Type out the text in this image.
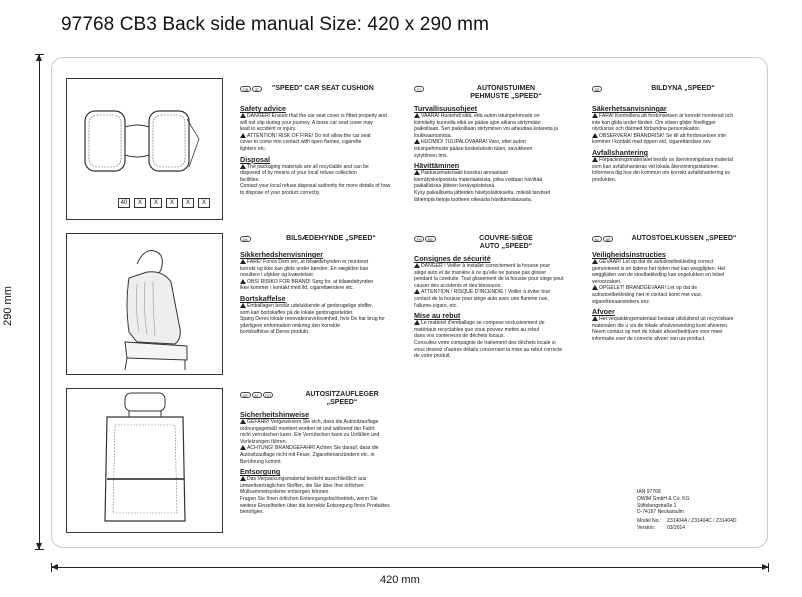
97768 CB3 Back side manual Size: 420 x 290 mm
290 mm
420 mm
GB	IE	"SPEED" CAR SEAT CUSHION
Safety advice

DANGER! Ensure that the car seat cover is fitted properly and

will not slip during your journey. A loose car seat cover may

lead to accident or injury.

ATTENTION! RISK OF FIRE! Do not allow the car seat

cover to come into contact with open flames, cigarette

lighters etc.

Disposal

The packaging materials are all recyclable and can be

disposed of by means of your local refuse collection

facilities.

Contact your local refuse disposal authority for more details of how

to dispose of your product correctly.

40	X	X	X	X	X
FI	AUTONISTUIMEN
PEHMUSTE „SPEED“
Turvallisuusohjeet

VAARA! Huolehdi siitä, että auton istuinpehmuste on

kiinnitetty kunnolla eikä se pääse ajon aikana siirtymään

paikoiltaan. Sen paikoiltaan siirtyminen voi aiheuttaa kolareita ja

loukkaantumisia.

HUOMIO! TULIPALOVAARA! Varo, ettei auton

istuinpehmuste pääse kosketuksiin tulen, savukkeen

sytyttimen tms.

Hävittäminen

Pakkausmateriaali koostuu ainoastaan

kierrätyskelpoisista materiaaleista, jotka voidaan hävittää

paikallisissa jätteen keräyspisteissä.

Kysy paikalliselta jätteiden hävityslaitokselta, miteäli tarvitset

lähempiä tietoja tuotteen oikeasta hävittämistavasta.

SE	BILDYNA „SPEED“
Säkerhetsanvisningar

FARA! Kontrollera att fordonsetsen är korrekt monterad och

inte kan glida under färden. Om sitsen glider förelligger

olycksrisk och därmed förbundna personskador.

OBSERVERA! BRANDRISK! Se till att fordonsetsen inte

kommer i kontakt med öppen eld, cigarettändare osv.

Avfallshantering

Förpackningsmaterialet består av återvinningsbara material

som kan avfallshanteras vid lokala återvinningsstationer.

Informera dig hos din kommun om korrekt avfallshantering av

produkten.

DK	BILSÆDEHYNDE „SPEED“
Sikkerhedshenvisninger

FARE! Forvis Dem om, at bilsædehynden er monteret

korrekt og ikke kan glide under kørslen. En vægliden kan

resultere i ulykker og kvæstelser.

OBS! RISIKO FOR BRAND! Sørg for, at bilsædehynden

ikke kommer i kontakt med ild, cigarettændere etc.

Bortskaffelse

Emballagen består udelukkende af genbrugelige stoffer,

som kan bortskaffes på de lokale genbrugsstelder.

Spørg Deres lokale renovationsvirksomhed, hvis De har brug for

yderligere enformation omkring den korrekte

bortskaffelse af Deres produkt.

FR	BE	COUVRE-SIÈGE
AUTO „SPEED“
Consignes de sécurité

DANGER ! Veiller à installer correctement la housse pour

siège auto et de manière à ce qu'elle ne puisse pas glisser

pendant la conduite. Tout glissement de la housse pour siège peut

causer des accidents et des blessures.

ATTENTION ! RISQUE D'INCENDIE ! Veiller à éviter tout

contact de la housse pour siège auto avec une flamme nue,

l'allume-cigare, etc.

Mise au rebut

Le matériel d'emballage se compose exclusivement de

matériaux recyclables que vous pouvez mettre au rebut

dans vos conteneurs de déchets locaux.

Consultez votre compagnie de traitement des déchets locale si

vous desirez d'autres détails concernant la mise au rebut correcte

de votre produit.

NL	BE	AUTOSTOELKUSSEN „SPEED“
Veiligheidsinstructies

GEVAAR! Let op dat de autostoelbekleding correct

gemonteerd is en tijdens het rijden niet kan wegglijden. Het

wegglijden van de stoelbekleding kan ongelukken en letsel

veroorzaken.

OPGELET! BRANDGEVAAR! Let op dat de

autostoelbekleding niet in contact komt met vuur,

sigarettenaanstekers enz.

Afvoer

Het verpakkingsmateriaal bestaat uitsluitend uit recyclebare

materialen die u via de lokale afvalverwerking kunt afvoeren.

Neem contact op met de lokale afvoerbedrijven voor meer

informatie over de correcte afvoer van uw product.

DE	AT	CH	AUTOSITZAUFLEGER
„SPEED“
Sicherheitshinweise

GEFAHR! Vergewissern Sie sich, dass die Autositzauflage

ordnungsgemäß montiert worden ist und während der Fahrt

nicht verrutschen kann. Ein Verrutschen kann zu Unfällen und

Verletzungen führen.

ACHTUNG! BRANDGEFAHR! Achten Sie darauf, dass die

Autositzauflage nicht mit Feuer, Zigarettenanzündern etc. in

Berührung kommt.

Entsorgung

Das Verpackungsmaterial besteht ausschließlich aus

umweltverträglichen Stoffen, die Sie über Ihre örtlichen

Müllsammelsysteme entsorgen können.

Fragen Sie Ihren örtlichen Entsorgungsfachbetrieb, wenn Sie

weitere Einzelheiten über die korrekte Entsorgung Ihres Produktes

benötigen.

IAN 97768
OWIM GmbH & Co. KG
Stiftsbergstraße 1
D-74167 Neckarsulm
Model No.:	Z31404A / Z31404C / Z31404D
Version:	03/2014
